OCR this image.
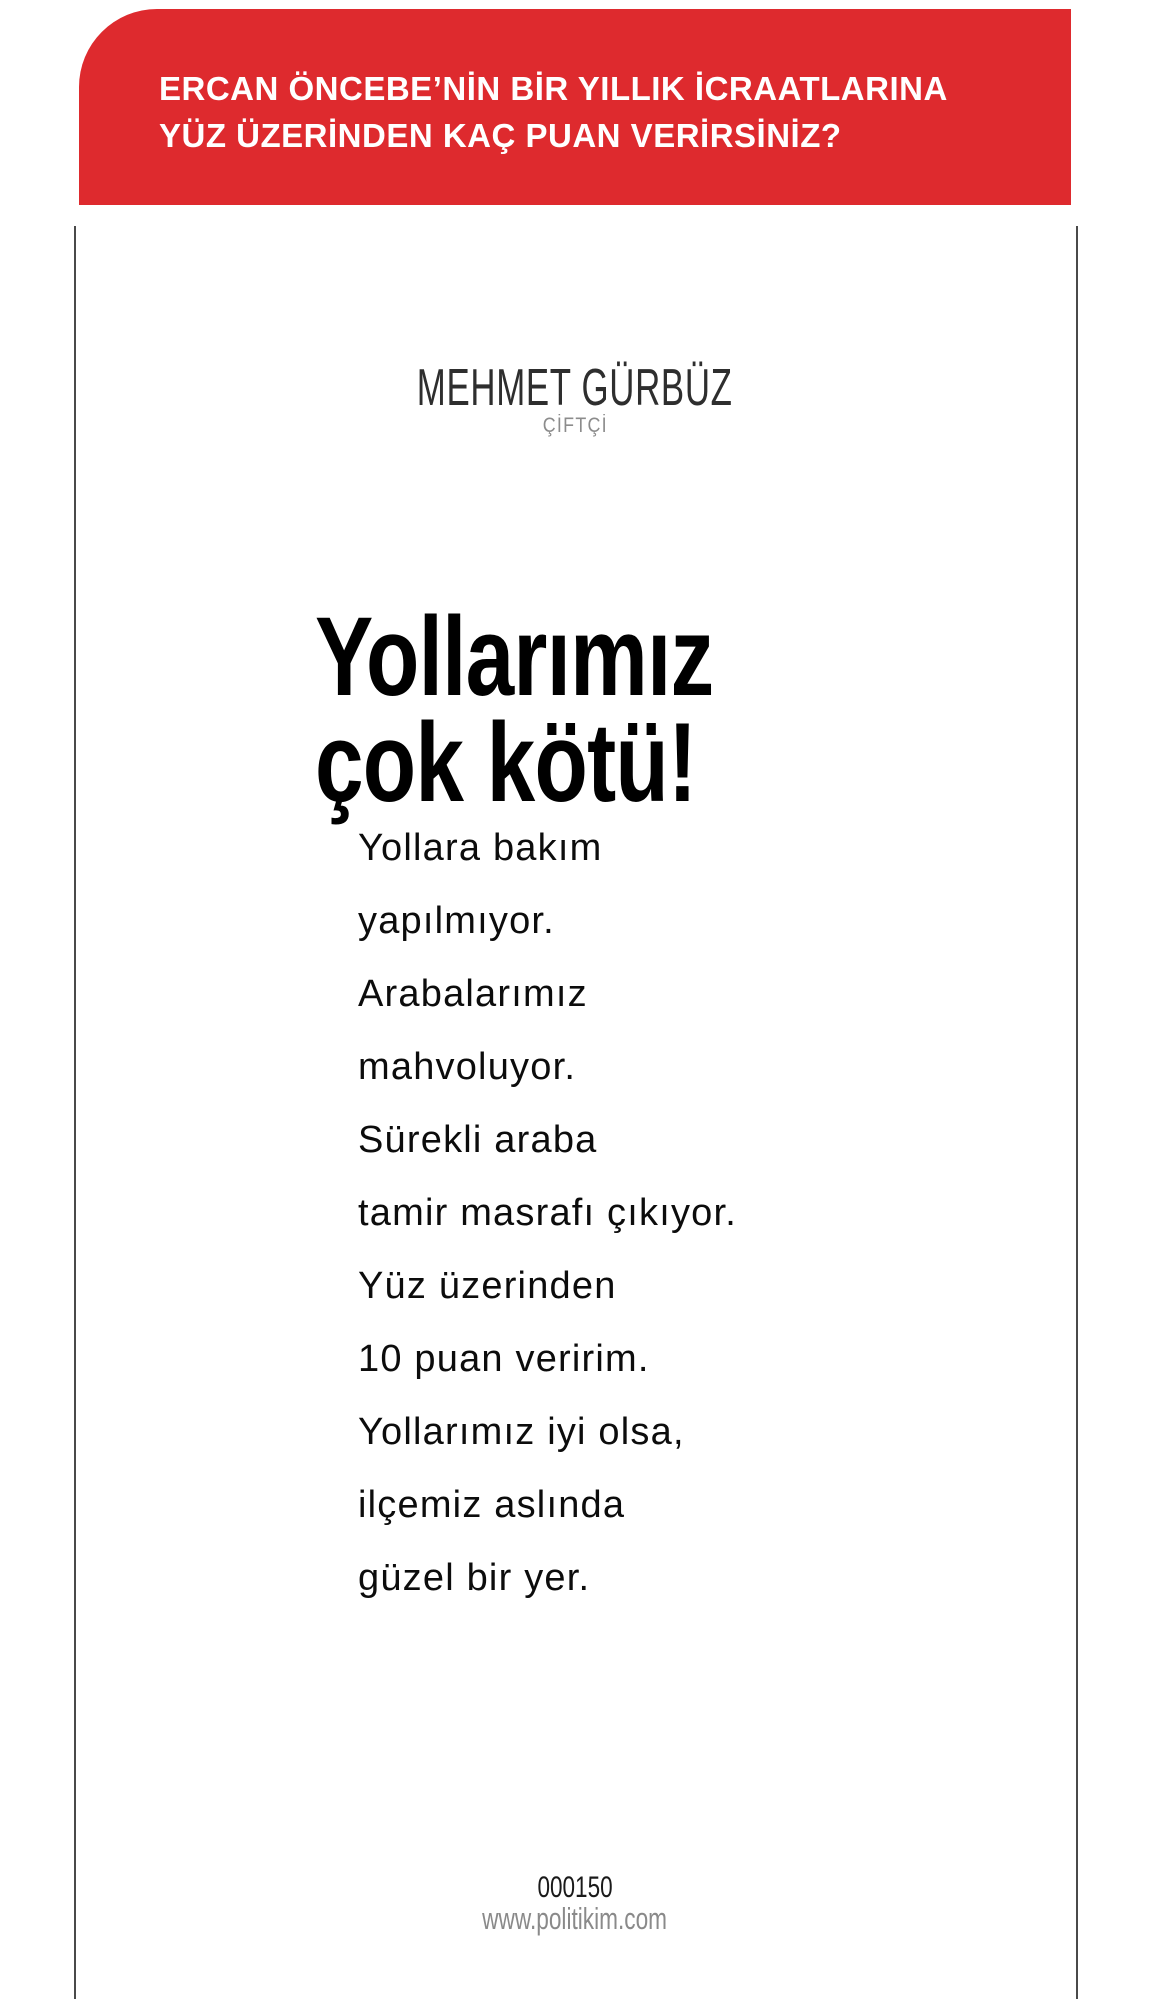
ERCAN ÖNCEBE’NİN BİR YILLIK İCRAATLARINA
YÜZ ÜZERİNDEN KAÇ PUAN VERİRSİNİZ?
MEHMET GÜRBÜZ
ÇİFTÇİ
Yollarımız
çok kötü!
Yollara bakım
yapılmıyor.
Arabalarımız
mahvoluyor.
Sürekli araba
tamir masrafı çıkıyor.
Yüz üzerinden
10 puan veririm.
Yollarımız iyi olsa,
ilçemiz aslında
güzel bir yer.
000150
www.politikim.com
